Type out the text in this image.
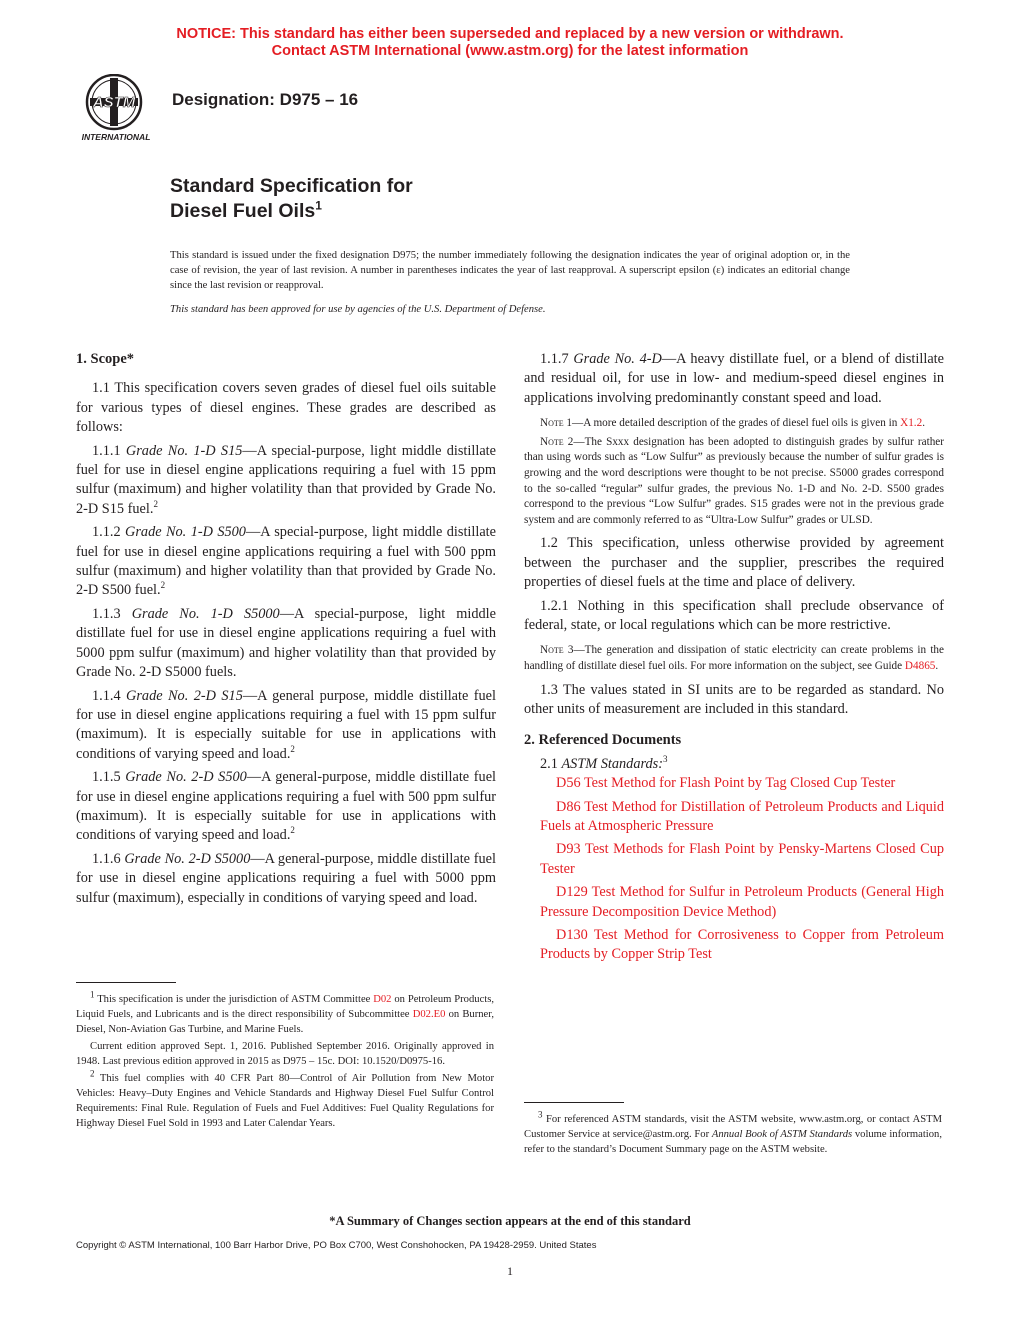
NOTICE: This standard has either been superseded and replaced by a new version or withdrawn.
Contact ASTM International (www.astm.org) for the latest information
ASTM
INTERNATIONAL
Designation: D975 – 16
Standard Specification for
Diesel Fuel Oils$^1$
This standard is issued under the fixed designation D975; the number immediately following the designation indicates the year of original adoption or, in the case of revision, the year of last revision. A number in parentheses indicates the year of last reapproval. A superscript epsilon (ε) indicates an editorial change since the last revision or reapproval.
This standard has been approved for use by agencies of the U.S. Department of Defense.

1. Scope*

1.1 This specification covers seven grades of diesel fuel oils suitable for various types of diesel engines. These grades are described as follows:

1.1.1 Grade No. 1-D S15—A special-purpose, light middle distillate fuel for use in diesel engine applications requiring a fuel with 15 ppm sulfur (maximum) and higher volatility than that provided by Grade No. 2-D S15 fuel.$^2$

1.1.2 Grade No. 1-D S500—A special-purpose, light middle distillate fuel for use in diesel engine applications requiring a fuel with 500 ppm sulfur (maximum) and higher volatility than that provided by Grade No. 2-D S500 fuel.$^2$

1.1.3 Grade No. 1-D S5000—A special-purpose, light middle distillate fuel for use in diesel engine applications requiring a fuel with 5000 ppm sulfur (maximum) and higher volatility than that provided by Grade No. 2-D S5000 fuels.

1.1.4 Grade No. 2-D S15—A general purpose, middle distillate fuel for use in diesel engine applications requiring a fuel with 15 ppm sulfur (maximum). It is especially suitable for use in applications with conditions of varying speed and load.$^2$

1.1.5 Grade No. 2-D S500—A general-purpose, middle distillate fuel for use in diesel engine applications requiring a fuel with 500 ppm sulfur (maximum). It is especially suitable for use in applications with conditions of varying speed and load.$^2$

1.1.6 Grade No. 2-D S5000—A general-purpose, middle distillate fuel for use in diesel engine applications requiring a fuel with 5000 ppm sulfur (maximum), especially in conditions of varying speed and load.

$^1$ This specification is under the jurisdiction of ASTM Committee D02 on Petroleum Products, Liquid Fuels, and Lubricants and is the direct responsibility of Subcommittee D02.E0 on Burner, Diesel, Non-Aviation Gas Turbine, and Marine Fuels.

Current edition approved Sept. 1, 2016. Published September 2016. Originally approved in 1948. Last previous edition approved in 2015 as D975 – 15c. DOI: 10.1520/D0975-16.

$^2$ This fuel complies with 40 CFR Part 80—Control of Air Pollution from New Motor Vehicles: Heavy–Duty Engines and Vehicle Standards and Highway Diesel Fuel Sulfur Control Requirements: Final Rule. Regulation of Fuels and Fuel Additives: Fuel Quality Regulations for Highway Diesel Fuel Sold in 1993 and Later Calendar Years.

1.1.7 Grade No. 4-D—A heavy distillate fuel, or a blend of distillate and residual oil, for use in low- and medium-speed diesel engines in applications involving predominantly constant speed and load.

Note 1—A more detailed description of the grades of diesel fuel oils is given in X1.2.

Note 2—The Sxxx designation has been adopted to distinguish grades by sulfur rather than using words such as “Low Sulfur” as previously because the number of sulfur grades is growing and the word descriptions were thought to be not precise. S5000 grades correspond to the so-called “regular” sulfur grades, the previous No. 1-D and No. 2-D. S500 grades correspond to the previous “Low Sulfur” grades. S15 grades were not in the previous grade system and are commonly referred to as “Ultra-Low Sulfur” grades or ULSD.

1.2 This specification, unless otherwise provided by agreement between the purchaser and the supplier, prescribes the required properties of diesel fuels at the time and place of delivery.

1.2.1 Nothing in this specification shall preclude observance of federal, state, or local regulations which can be more restrictive.

Note 3—The generation and dissipation of static electricity can create problems in the handling of distillate diesel fuel oils. For more information on the subject, see Guide D4865.

1.3 The values stated in SI units are to be regarded as standard. No other units of measurement are included in this standard.

2. Referenced Documents

2.1 ASTM Standards:$^3$

D56 Test Method for Flash Point by Tag Closed Cup Tester

D86 Test Method for Distillation of Petroleum Products and Liquid Fuels at Atmospheric Pressure

D93 Test Methods for Flash Point by Pensky-Martens Closed Cup Tester

D129 Test Method for Sulfur in Petroleum Products (General High Pressure Decomposition Device Method)

D130 Test Method for Corrosiveness to Copper from Petroleum Products by Copper Strip Test

$^3$ For referenced ASTM standards, visit the ASTM website, www.astm.org, or contact ASTM Customer Service at service@astm.org. For Annual Book of ASTM Standards volume information, refer to the standard’s Document Summary page on the ASTM website.

*A Summary of Changes section appears at the end of this standard
Copyright © ASTM International, 100 Barr Harbor Drive, PO Box C700, West Conshohocken, PA 19428-2959. United States
1
